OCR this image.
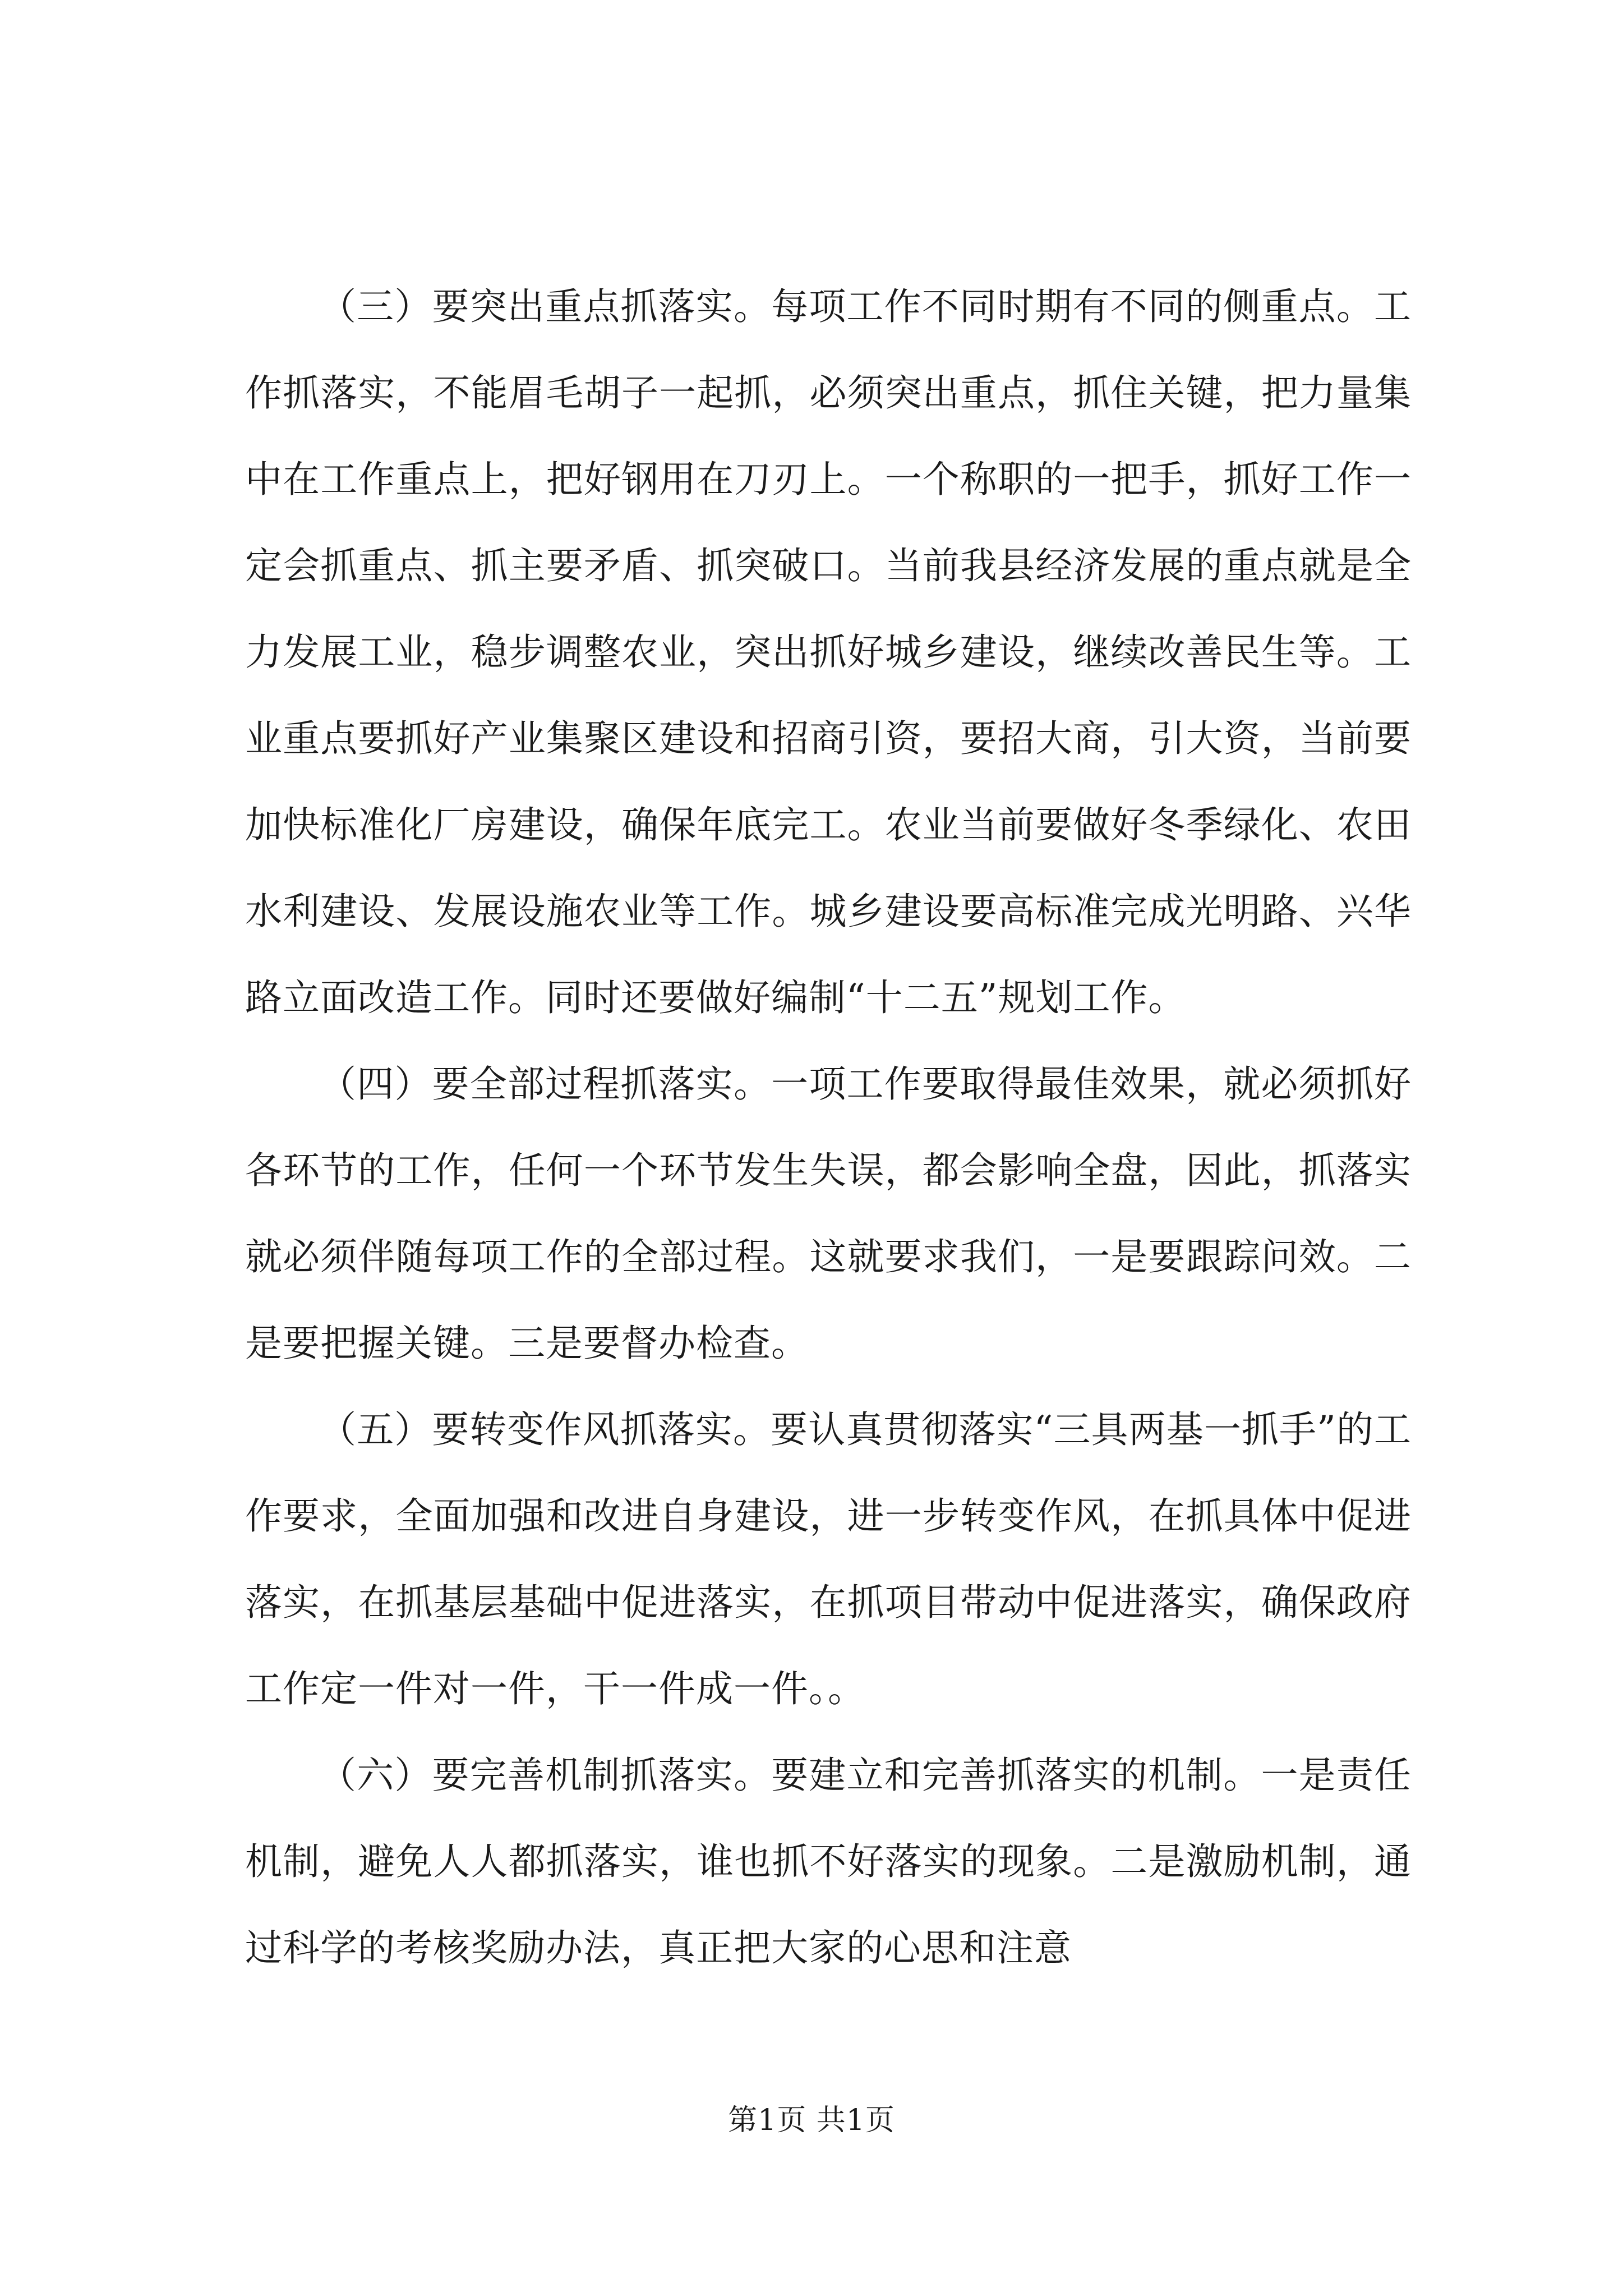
（三）要突出重点抓落实。每项工作不同时期有不同的侧重点。工作抓落实，不能眉毛胡子一起抓，必须突出重点，抓住关键，把力量集中在工作重点上，把好钢用在刀刃上。一个称职的一把手，抓好工作一定会抓重点、抓主要矛盾、抓突破口。当前我县经济发展的重点就是全力发展工业，稳步调整农业，突出抓好城乡建设，继续改善民生等。工业重点要抓好产业集聚区建设和招商引资，要招大商，引大资，当前要加快标准化厂房建设，确保年底完工。农业当前要做好冬季绿化、农田水利建设、发展设施农业等工作。城乡建设要高标准完成光明路、兴华路立面改造工作。同时还要做好编制“十二五”规划工作。

（四）要全部过程抓落实。一项工作要取得最佳效果，就必须抓好各环节的工作，任何一个环节发生失误，都会影响全盘，因此，抓落实就必须伴随每项工作的全部过程。这就要求我们，一是要跟踪问效。二是要把握关键。三是要督办检查。

（五）要转变作风抓落实。要认真贯彻落实“三具两基一抓手”的工作要求，全面加强和改进自身建设，进一步转变作风，在抓具体中促进落实，在抓基层基础中促进落实，在抓项目带动中促进落实，确保政府工作定一件对一件，干一件成一件。。

（六）要完善机制抓落实。要建立和完善抓落实的机制。一是责任机制，避免人人都抓落实，谁也抓不好落实的现象。二是激励机制，通过科学的考核奖励办法，真正把大家的心思和注意

第1页 共1页
